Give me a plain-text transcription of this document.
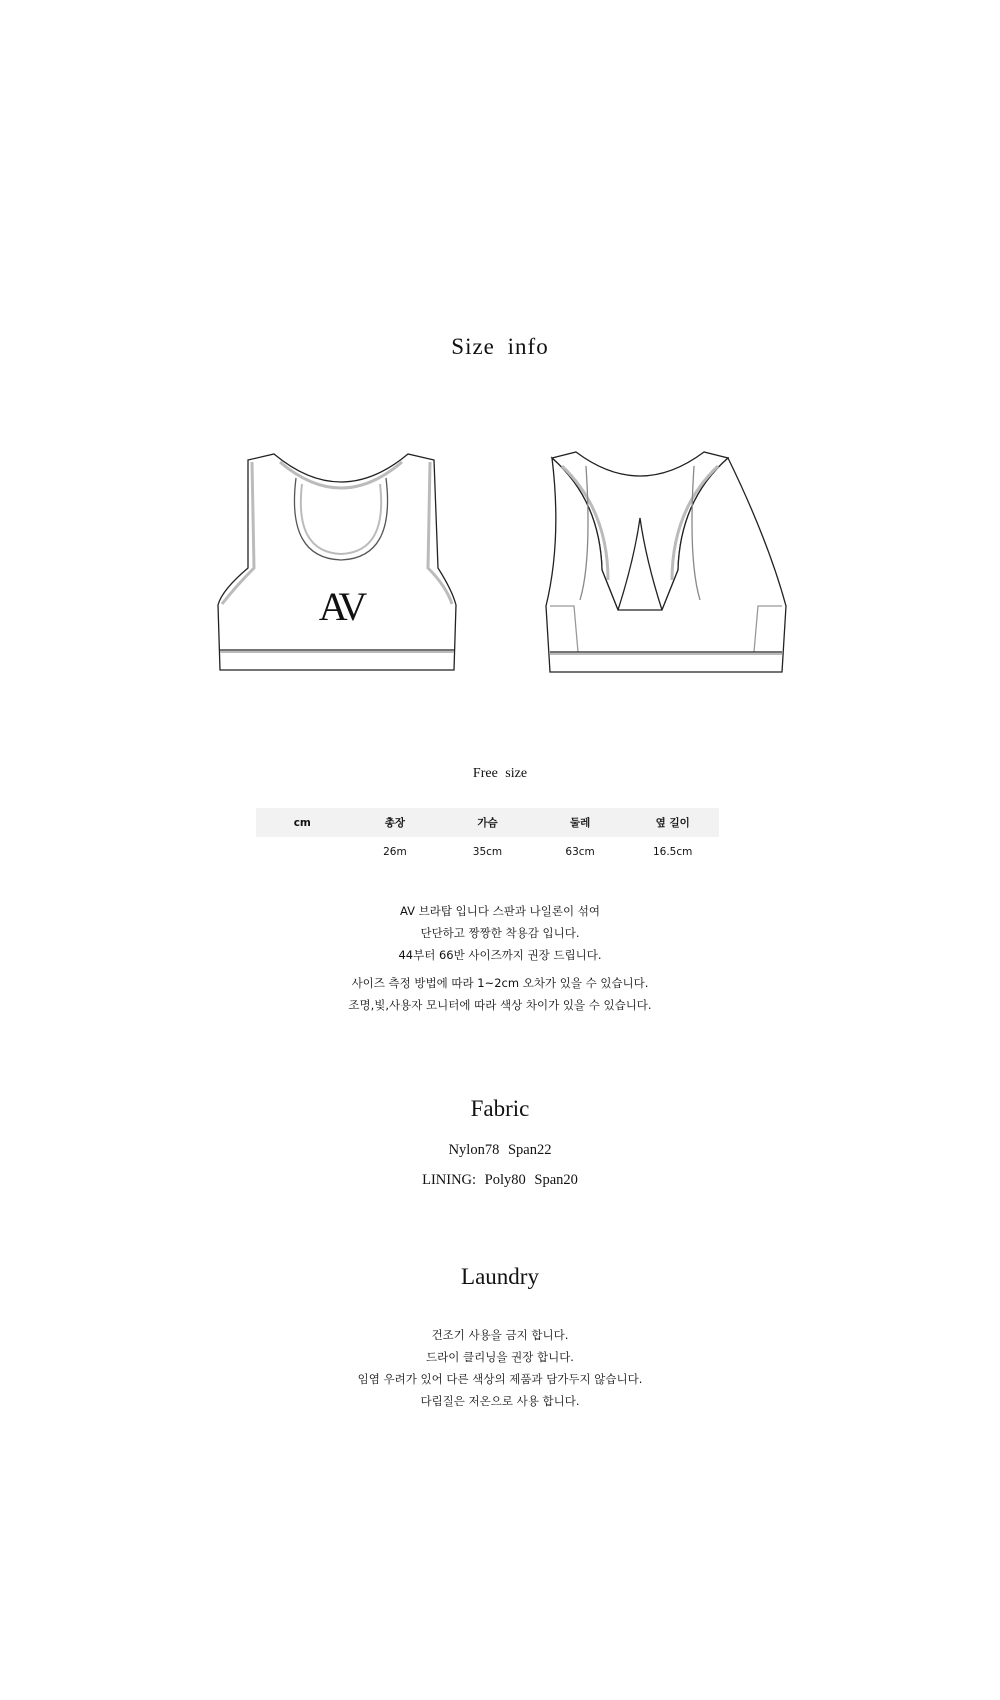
Size info
AV
Free size
cm	총장	가슴	둘레	옆 길이
	26m	35cm	63cm	16.5cm

AV 브라탑 입니다 스판과 나일론이 섞여

단단하고 짱짱한 착용감 입니다.

44부터 66반 사이즈까지 권장 드립니다.

사이즈 측정 방법에 따라 1~2cm 오차가 있을 수 있습니다.

조명,빛,사용자 모니터에 따라 색상 차이가 있을 수 있습니다.

Fabric
Nylon78 Span22
LINING: Poly80 Span20
Laundry

건조기 사용을 금지 합니다.

드라이 클리닝을 권장 합니다.

임염 우려가 있어 다른 색상의 제품과 담가두지 않습니다.

다림질은 저온으로 사용 합니다.
